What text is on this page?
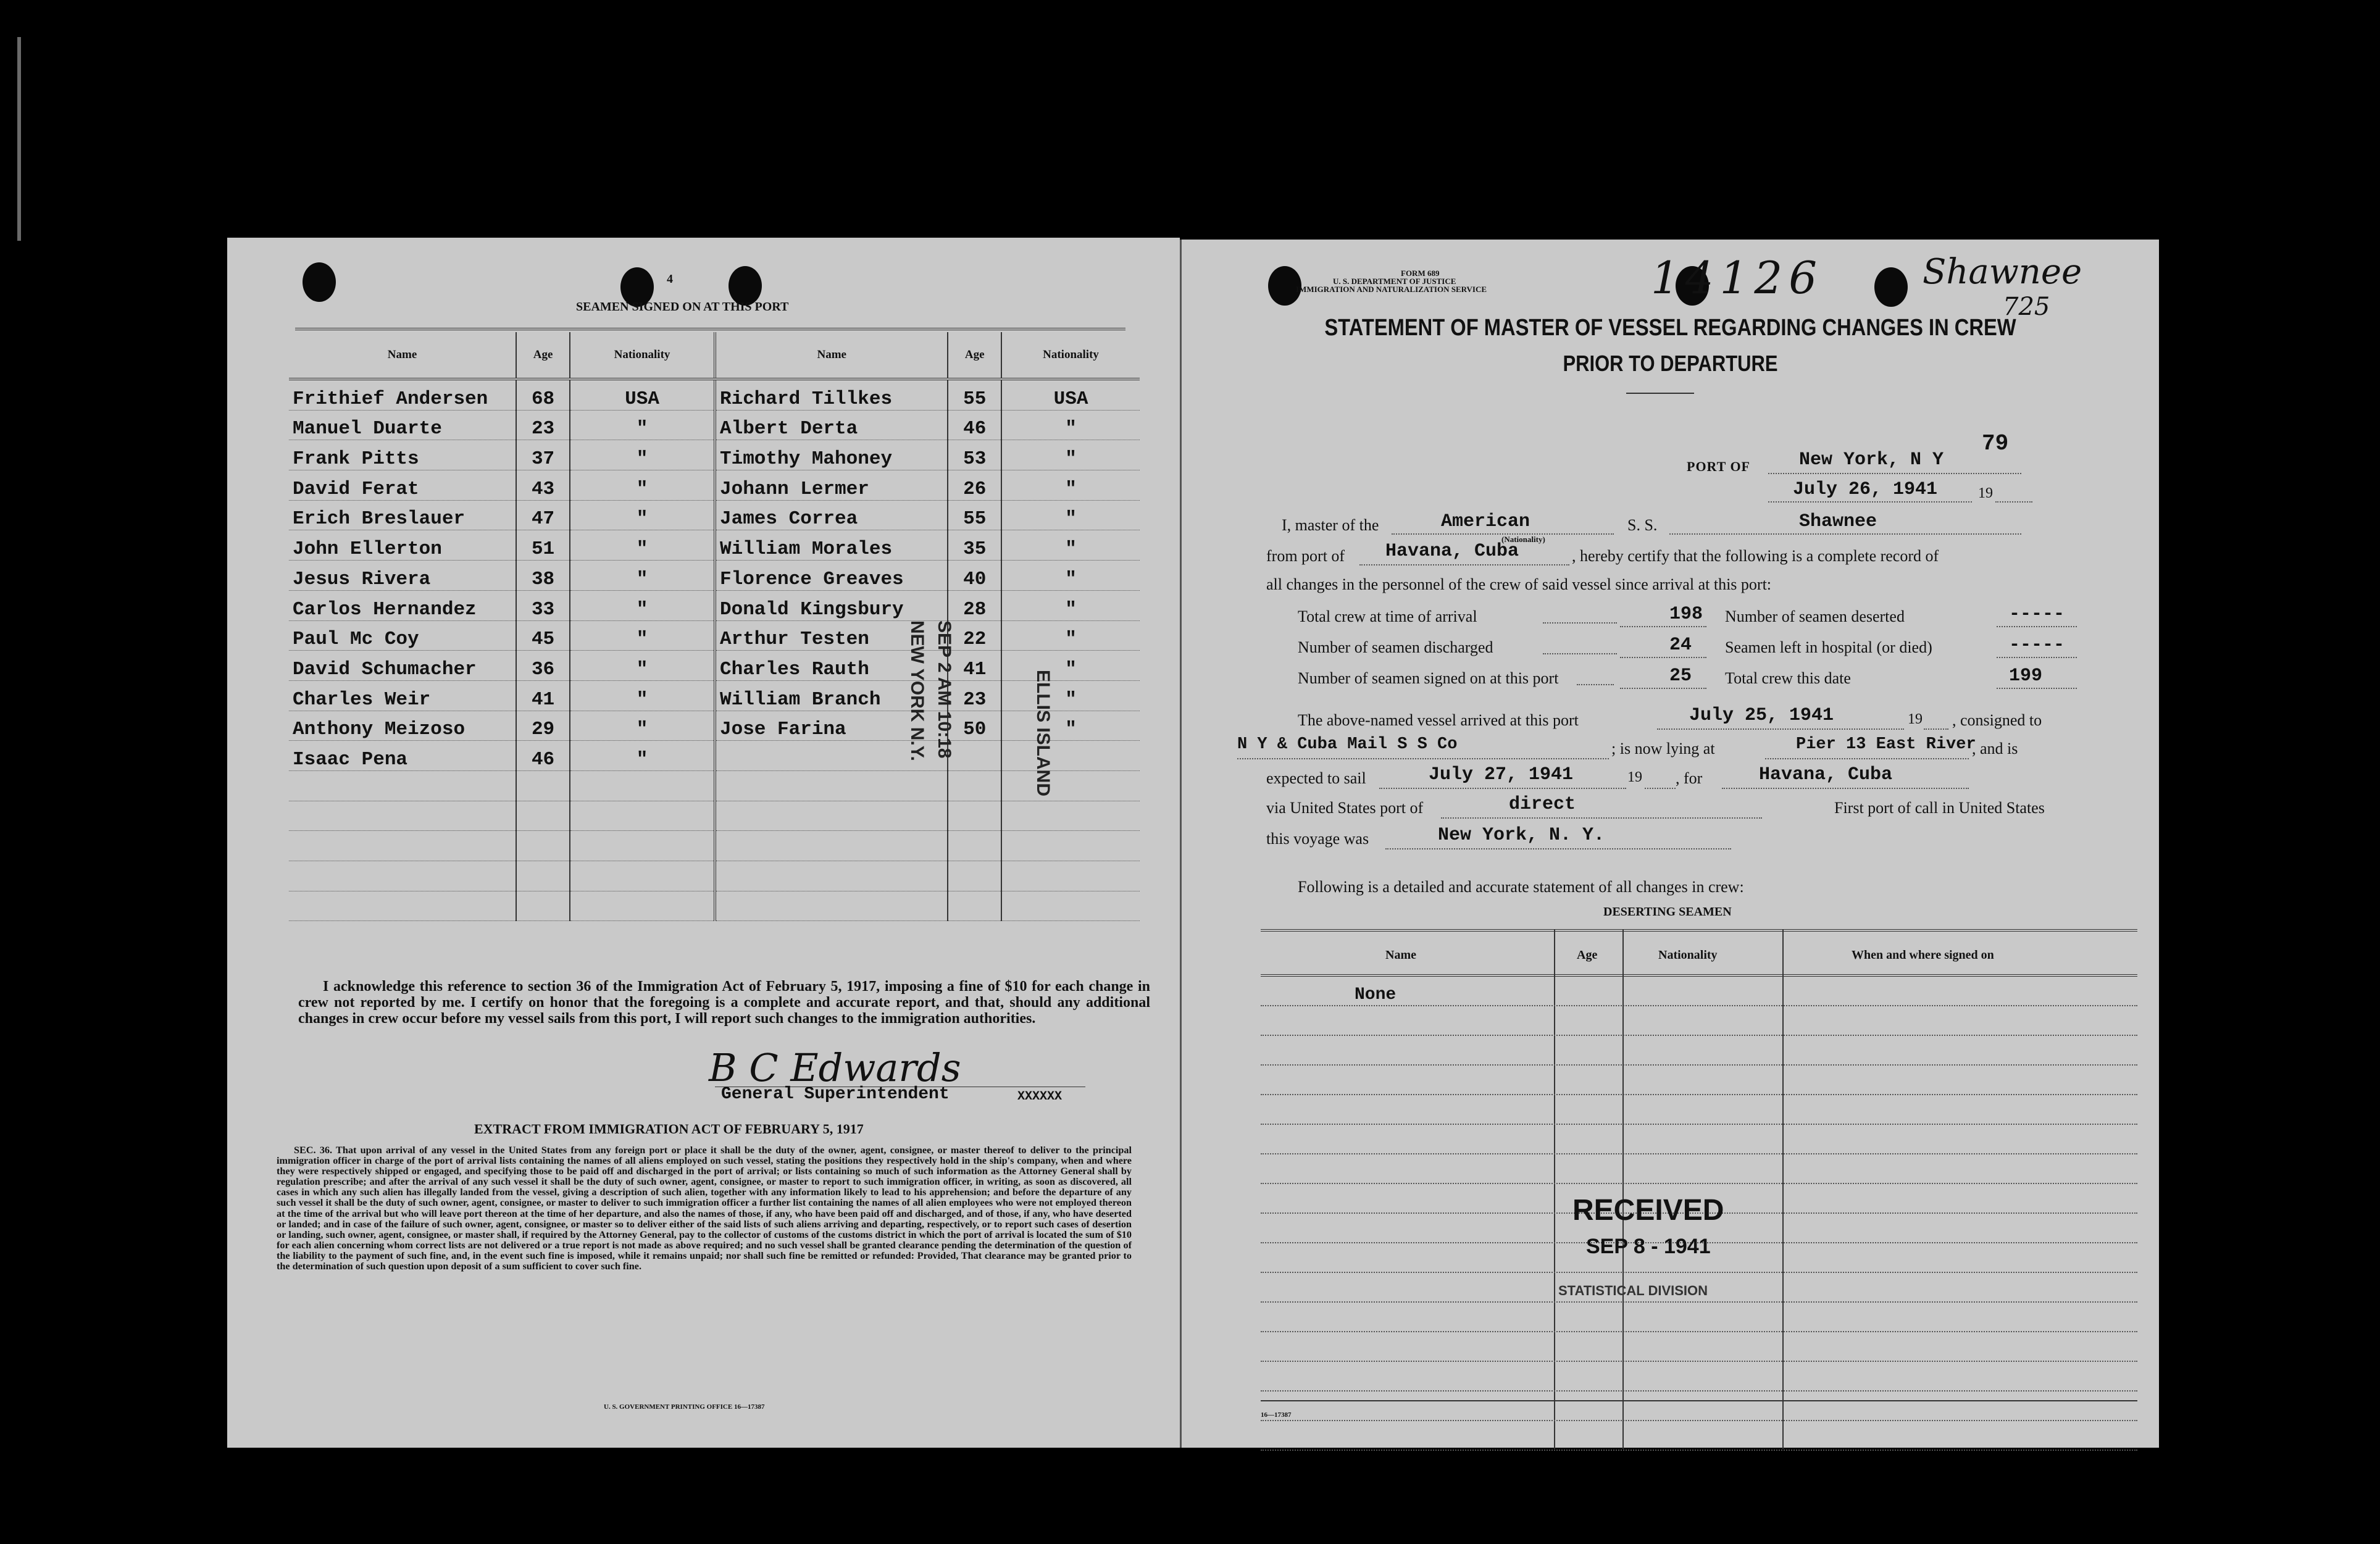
4
SEAMEN SIGNED ON AT THIS PORT
Name	Age	Nationality
Frithief Andersen	68	USA
Manuel Duarte	23	"
Frank Pitts	37	"
David Ferat	43	"
Erich Breslauer	47	"
John Ellerton	51	"
Jesus Rivera	38	"
Carlos Hernandez	33	"
Paul Mc Coy	45	"
David Schumacher	36	"
Charles Weir	41	"
Anthony Meizoso	29	"
Isaac Pena	46	"

Name	Age	Nationality
Richard Tillkes	55	USA
Albert Derta	46	"
Timothy Mahoney	53	"
Johann Lermer	26	"
James Correa	55	"
William Morales	35	"
Florence Greaves	40	"
Donald Kingsbury	28	"
Arthur Testen	22	"
Charles Rauth	41	"
William Branch	23	"
Jose Farina	50	"

SEP 2 AM 10:18
NEW YORK N.Y.	ELLIS ISLAND
I acknowledge this reference to section 36 of the Immigration Act of February 5, 1917, imposing a fine of $10 for each change in crew not reported by me. I certify on honor that the foregoing is a complete and accurate report, and that, should any additional changes in crew occur before my vessel sails from this port, I will report such changes to the immigration authorities.
B C Edwards
General Superintendent	XXXXXX
EXTRACT FROM IMMIGRATION ACT OF FEBRUARY 5, 1917
SEC. 36. That upon arrival of any vessel in the United States from any foreign port or place it shall be the duty of the owner, agent, consignee, or master thereof to deliver to the principal immigration officer in charge of the port of arrival lists containing the names of all aliens employed on such vessel, stating the positions they respectively hold in the ship's company, when and where they were respectively shipped or engaged, and specifying those to be paid off and discharged in the port of arrival; or lists containing so much of such information as the Attorney General shall by regulation prescribe; and after the arrival of any such vessel it shall be the duty of such owner, agent, consignee, or master to report to such immigration officer, in writing, as soon as discovered, all cases in which any such alien has illegally landed from the vessel, giving a description of such alien, together with any information likely to lead to his apprehension; and before the departure of any such vessel it shall be the duty of such owner, agent, consignee, or master to deliver to such immigration officer a further list containing the names of all alien employees who were not employed thereon at the time of the arrival but who will leave port thereon at the time of her departure, and also the names of those, if any, who have been paid off and discharged, and of those, if any, who have deserted or landed; and in case of the failure of such owner, agent, consignee, or master so to deliver either of the said lists of such aliens arriving and departing, respectively, or to report such cases of desertion or landing, such owner, agent, consignee, or master shall, if required by the Attorney General, pay to the collector of customs of the customs district in which the port of arrival is located the sum of $10 for each alien concerning whom correct lists are not delivered or a true report is not made as above required; and no such vessel shall be granted clearance pending the determination of the question of the liability to the payment of such fine, and, in the event such fine is imposed, while it remains unpaid; nor shall such fine be remitted or refunded: Provided, That clearance may be granted prior to the determination of such question upon deposit of a sum sufficient to cover such fine.
U. S. GOVERNMENT PRINTING OFFICE 16—17387
FORM 689
U. S. DEPARTMENT OF JUSTICE
IMMIGRATION AND NATURALIZATION SERVICE	14126	Shawnee
725
STATEMENT OF MASTER OF VESSEL REGARDING CHANGES IN CREW
PRIOR TO DEPARTURE
PORT OF	New York, N Y
79
July 26, 1941	19
I, master of the	American
(Nationality)
S. S.	Shawnee
from port of Havana, Cuba	, hereby certify that the following is a complete record of
all changes in the personnel of the crew of said vessel since arrival at this port:
Total crew at time of arrival	198 Number of seamen deserted	-----
Number of seamen discharged	24 Seamen left in hospital (or died)	-----
Number of seamen signed on at this port	25 Total crew this date	199
The above-named vessel arrived at this port	July 25, 1941	19 , consigned to
N Y & Cuba Mail S S Co	; is now lying at	Pier 13 East River
, and is
expected to sail	July 27, 1941	19 , for	Havana, Cuba
via United States port of	direct	First port of call in United States
this voyage was	New York, N. Y.
Following is a detailed and accurate statement of all changes in crew:
DESERTING SEAMEN
Name	Age	Nationality	When and where signed on
None
RECEIVED
SEP 8 - 1941
STATISTICAL DIVISION
16—17387
